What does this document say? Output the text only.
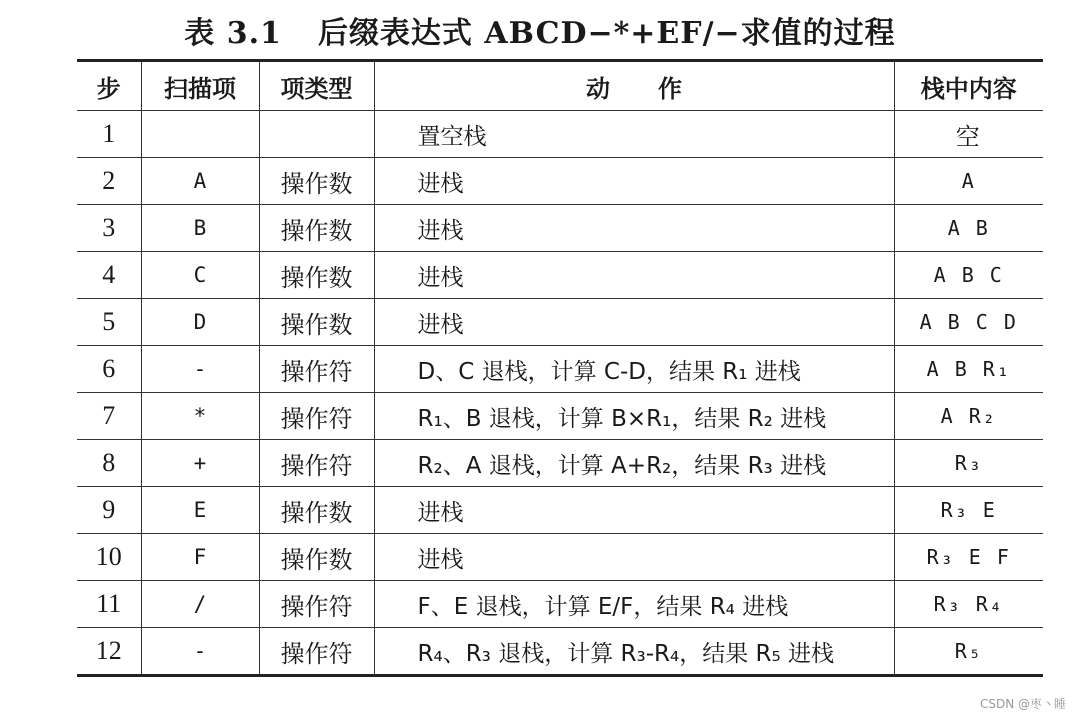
表 3.1 后缀表达式 ABCD−*+EF/−求值的过程
步	扫描项	项类型	动　　作	栈中内容
1			置空栈	空
2	A	操作数	进栈	A
3	B	操作数	进栈	A B
4	C	操作数	进栈	A B C
5	D	操作数	进栈	A B C D
6	-	操作符	D、C 退栈，计算 C-D，结果 R₁ 进栈	A B R₁
7	*	操作符	R₁、B 退栈，计算 B×R₁，结果 R₂ 进栈	A R₂
8	+	操作符	R₂、A 退栈，计算 A+R₂，结果 R₃ 进栈	R₃
9	E	操作数	进栈	R₃ E
10	F	操作数	进栈	R₃ E F
11	/	操作符	F、E 退栈，计算 E/F，结果 R₄ 进栈	R₃ R₄
12	-	操作符	R₄、R₃ 退栈，计算 R₃-R₄，结果 R₅ 进栈	R₅
CSDN @枣丶睡
